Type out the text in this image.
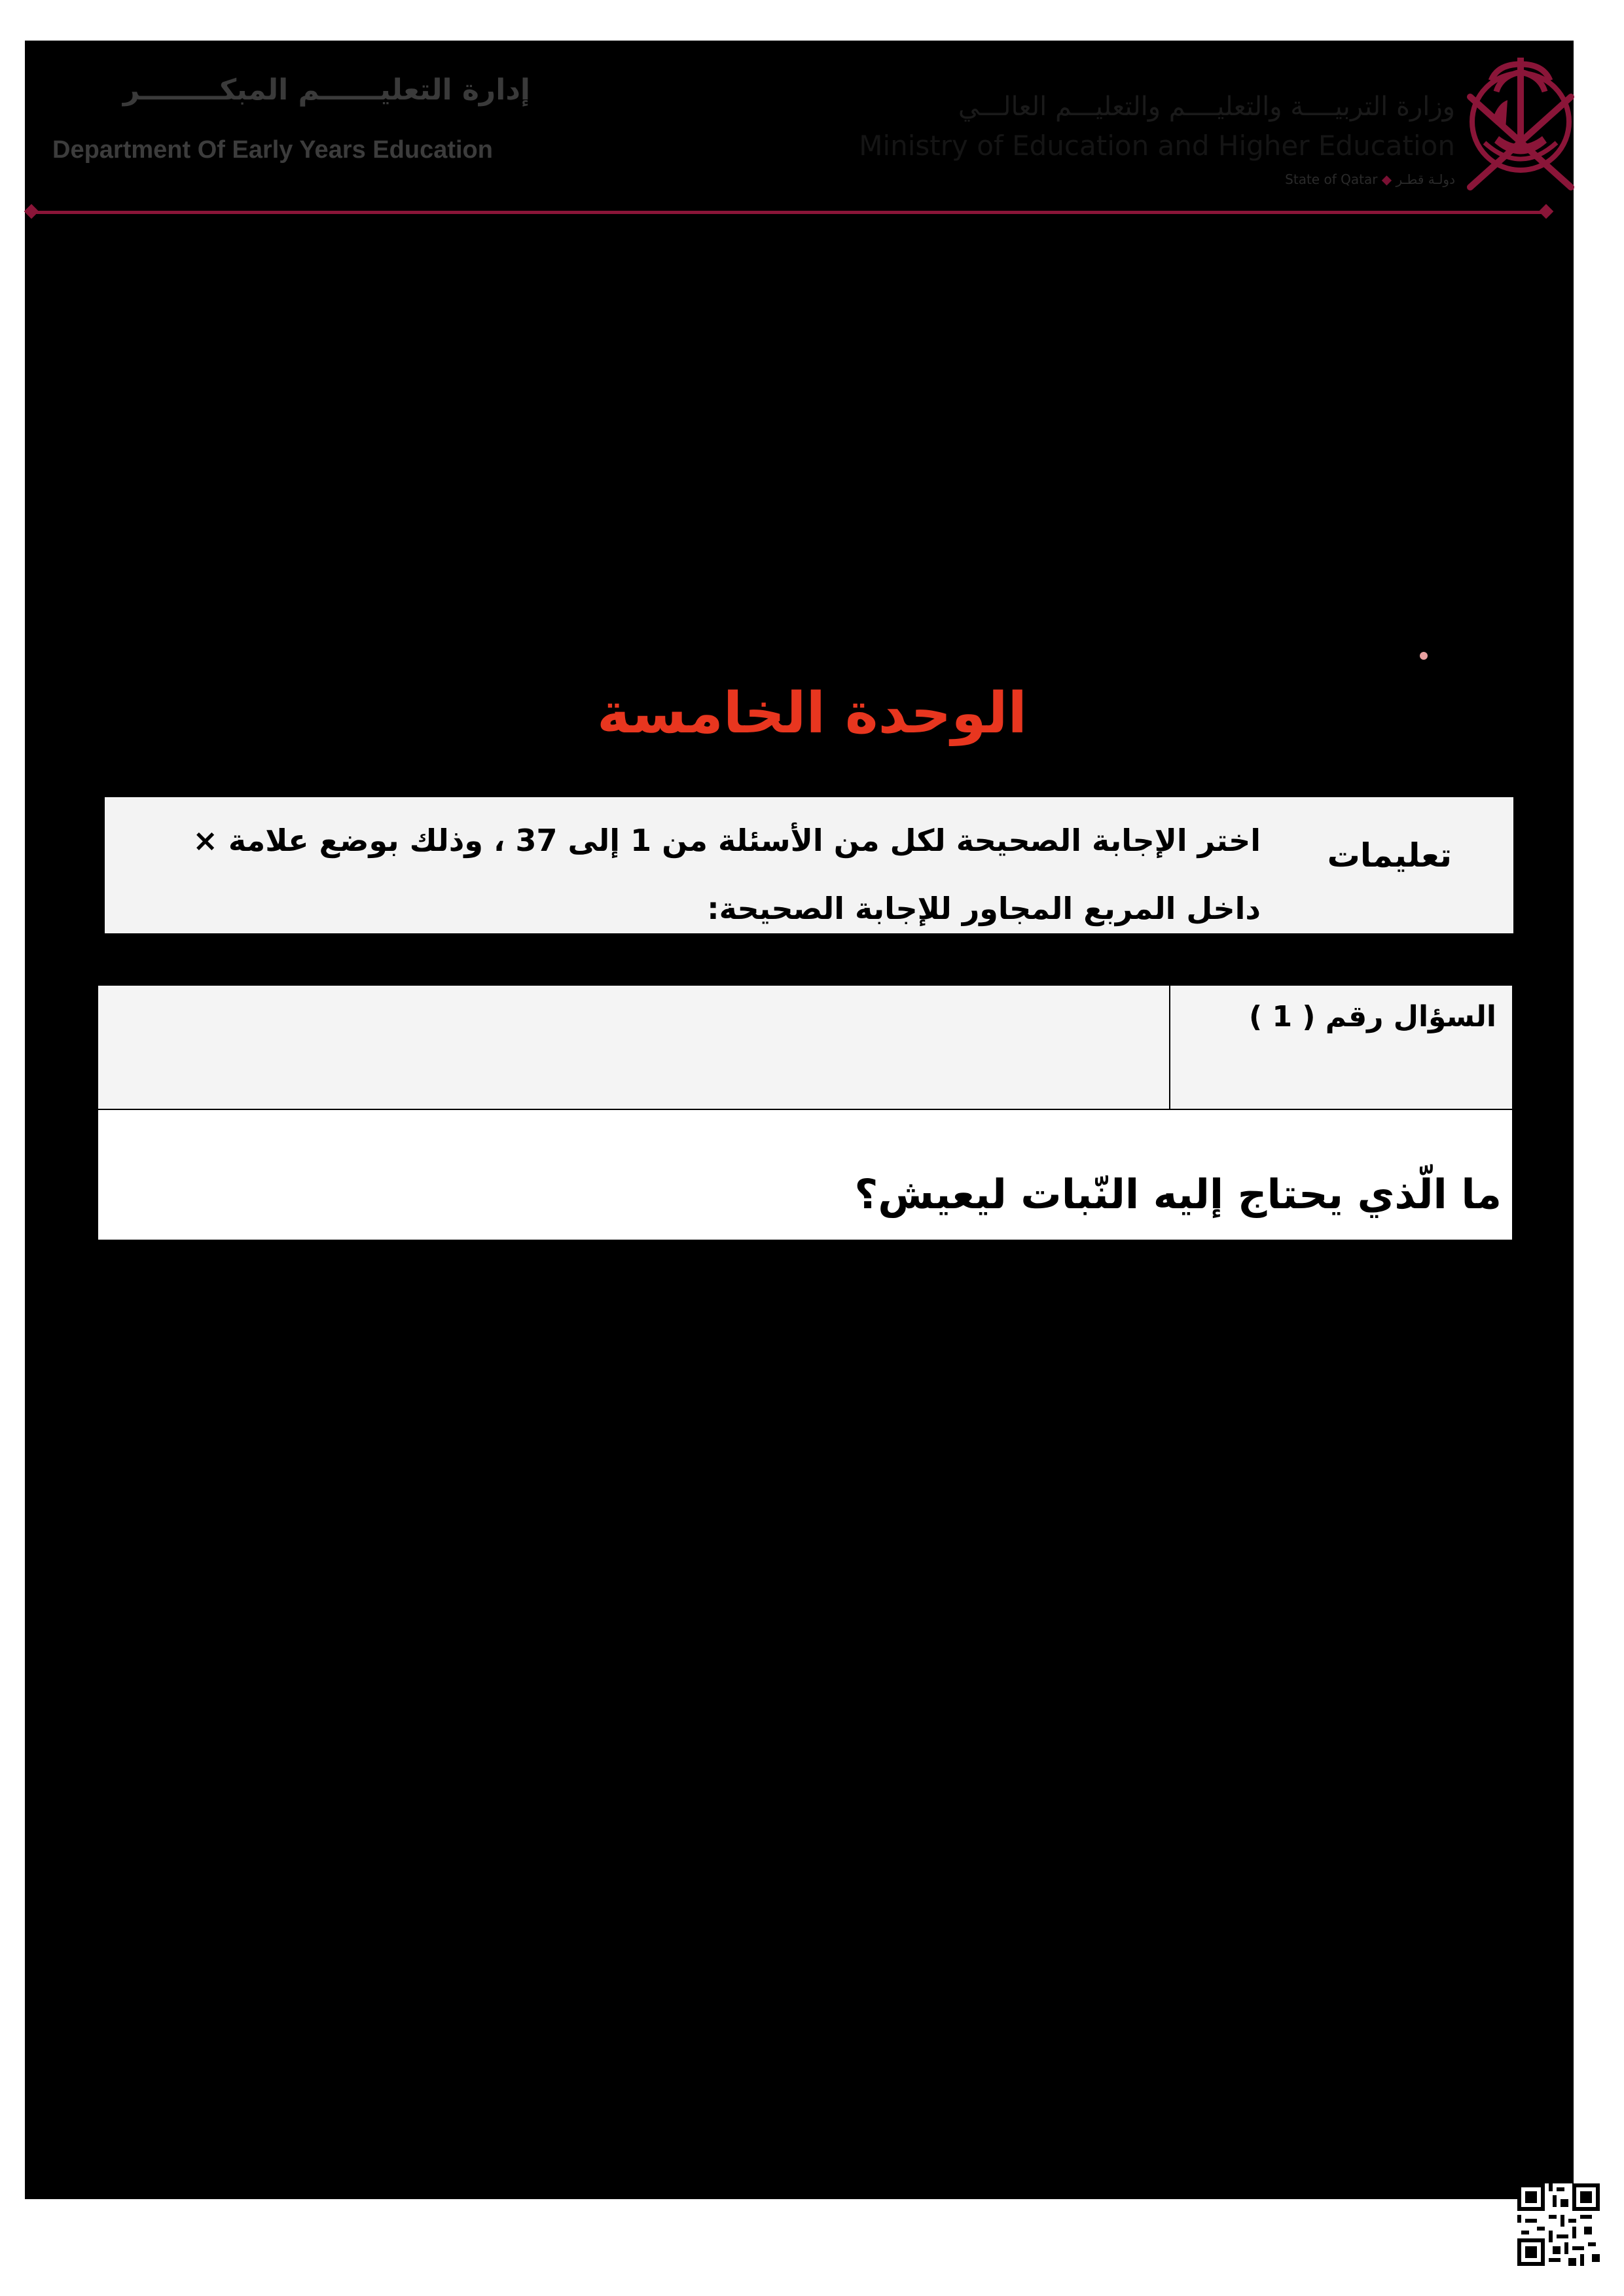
وزارة التربيــــة والتعليــــم والتعليـــم العالـــي
Ministry of Education and Higher Education
State of Qatar ◆ دولـة قطـر
إدارة التعليــــــم المبكــــــــر
Department Of Early Years Education
الوحدة الخامسة
تعليمات
اختر الإجابة الصحيحة لكل من الأسئلة من 1 إلى 37 ، وذلك بوضع علامة × داخل المربع المجاور للإجابة الصحيحة:
السؤال رقم ( 1 )
ما الّذي يحتاج إليه النّبات ليعيش؟
